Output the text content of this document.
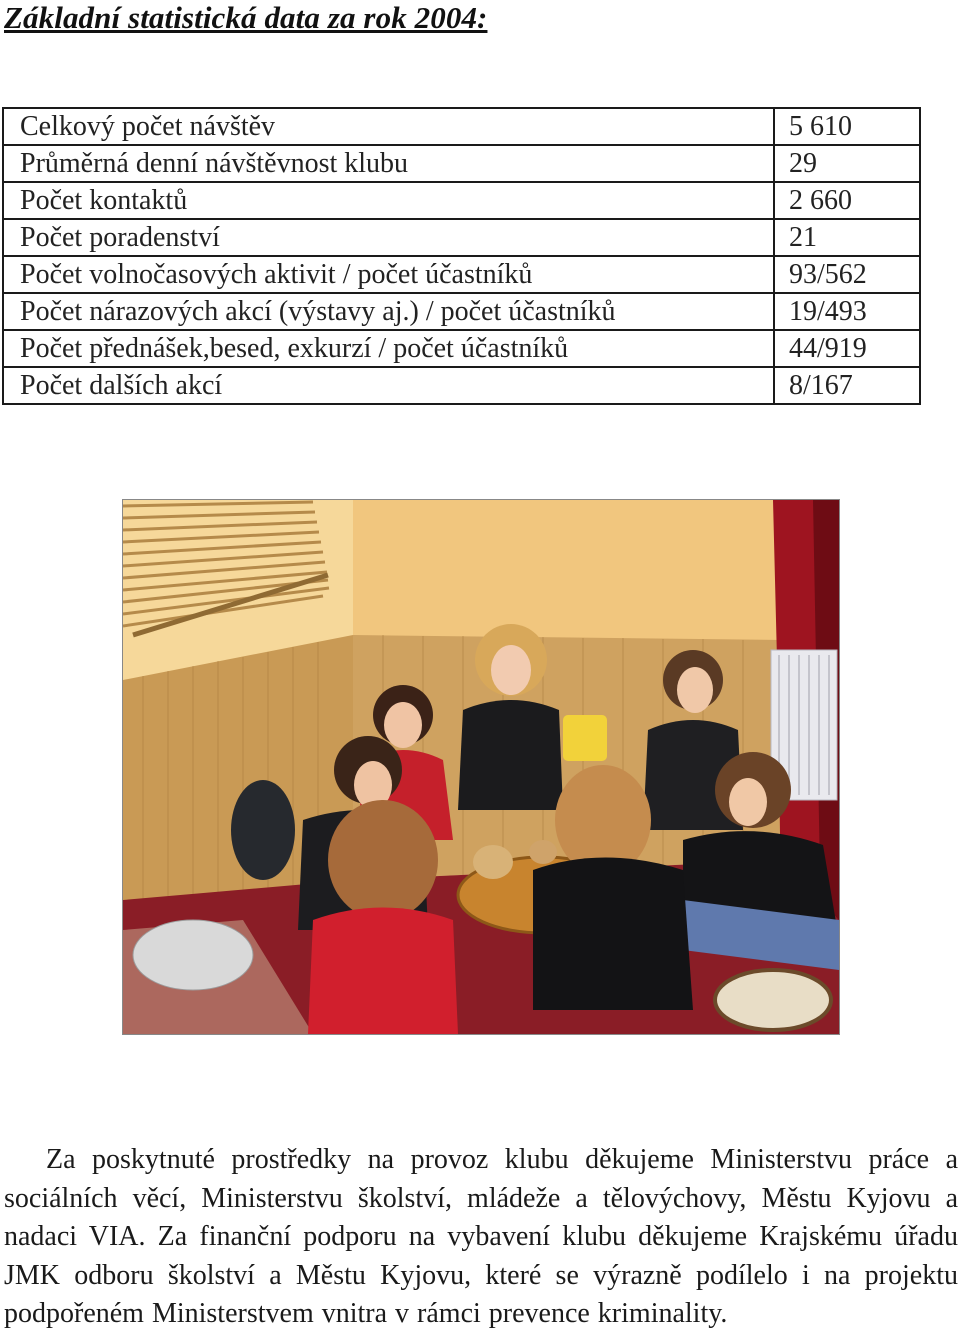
Základní statistická data za rok 2004:
Celkový počet návštěv	5 610
Průměrná denní návštěvnost klubu	29
Počet kontaktů	2 660
Počet poradenství	21
Počet volnočasových aktivit / počet účastníků	93/562
Počet nárazových akcí (výstavy aj.) / počet účastníků	19/493
Počet přednášek,besed, exkurzí / počet účastníků	44/919
Počet dalších akcí	8/167

Za poskytnuté prostředky na provoz klubu děkujeme Ministerstvu práce a sociálních věcí, Ministerstvu školství, mládeže a tělovýchovy, Městu Kyjovu a nadaci VIA. Za finanční podporu na vybavení klubu děkujeme Krajskému úřadu JMK odboru školství a Městu Kyjovu, které se výrazně podílelo i na projektu podpořeném Ministerstvem vnitra v rámci prevence kriminality.
